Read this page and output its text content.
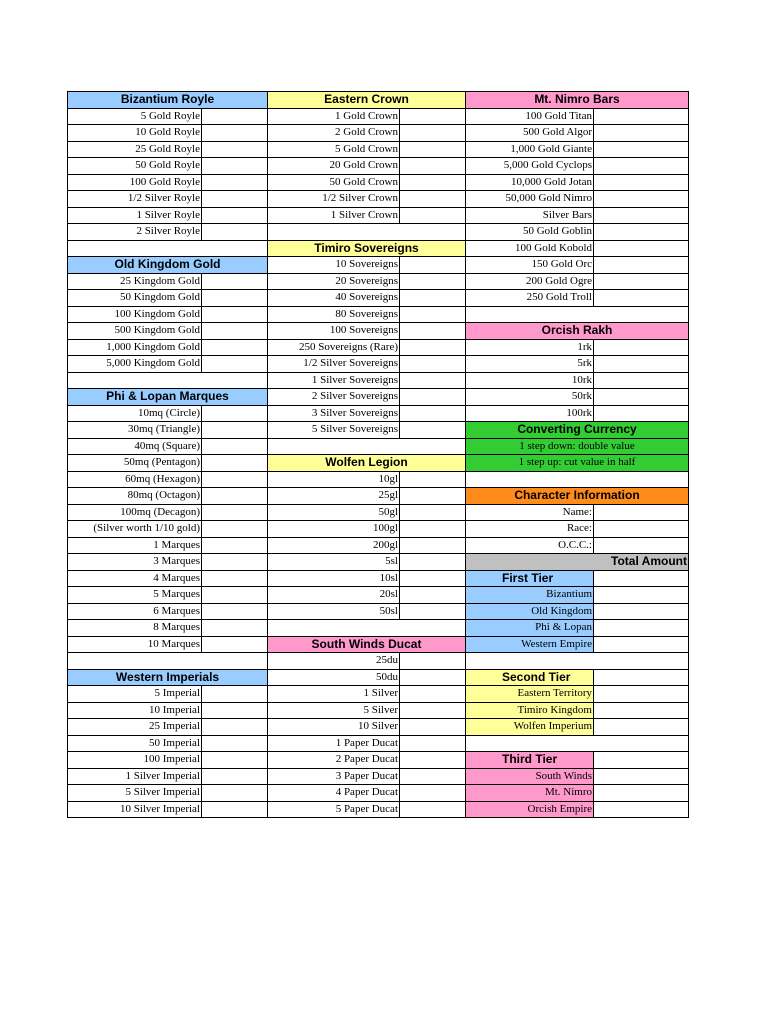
Bizantium Royle		Eastern Crown		Mt. Nimro Bars	
5 Gold Royle		1 Gold Crown		100 Gold Titan	
10 Gold Royle		2 Gold Crown		500 Gold Algor	
25 Gold Royle		5 Gold Crown		1,000 Gold Giante	
50 Gold Royle		20 Gold Crown		5,000 Gold Cyclops	
100 Gold Royle		50 Gold Crown		10,000 Gold Jotan	
1/2 Silver Royle		1/2 Silver Crown		50,000 Gold Nimro	
1 Silver Royle		1 Silver Crown		Silver Bars	
2 Silver Royle				50 Gold Goblin	
		Timiro Sovereigns		100 Gold Kobold	
Old Kingdom Gold		10 Sovereigns		150 Gold Orc	
25 Kingdom Gold		20 Sovereigns		200 Gold Ogre	
50 Kingdom Gold		40 Sovereigns		250 Gold Troll	
100 Kingdom Gold		80 Sovereigns			
500 Kingdom Gold		100 Sovereigns		Orcish Rakh	
1,000 Kingdom Gold		250 Sovereigns (Rare)		1rk	
5,000 Kingdom Gold		1/2 Silver Sovereigns		5rk	
		1 Silver Sovereigns		10rk	
Phi & Lopan Marques		2 Silver Sovereigns		50rk	
10mq (Circle)		3 Silver Sovereigns		100rk	
30mq (Triangle)		5 Silver Sovereigns		Converting Currency	
40mq (Square)				1 step down: double value	
50mq (Pentagon)		Wolfen Legion		1 step up: cut value in half	
60mq (Hexagon)		10gl			
80mq (Octagon)		25gl		Character Information	
100mq (Decagon)		50gl		Name:	
(Silver worth 1/10 gold)		100gl		Race:	
1 Marques		200gl		O.C.C.:	
3 Marques		5sl		Total Amount	
4 Marques		10sl		First Tier	
5 Marques		20sl		Bizantium	
6 Marques		50sl		Old Kingdom	
8 Marques				Phi & Lopan	
10 Marques		South Winds Ducat		Western Empire	
		25du			
Western Imperials		50du		Second Tier	
5 Imperial		1 Silver		Eastern Territory	
10 Imperial		5 Silver		Timiro Kingdom	
25 Imperial		10 Silver		Wolfen Imperium	
50 Imperial		1 Paper Ducat			
100 Imperial		2 Paper Ducat		Third Tier	
1 Silver Imperial		3 Paper Ducat		South Winds	
5 Silver Imperial		4 Paper Ducat		Mt. Nimro	
10 Silver Imperial		5 Paper Ducat		Orcish Empire	
